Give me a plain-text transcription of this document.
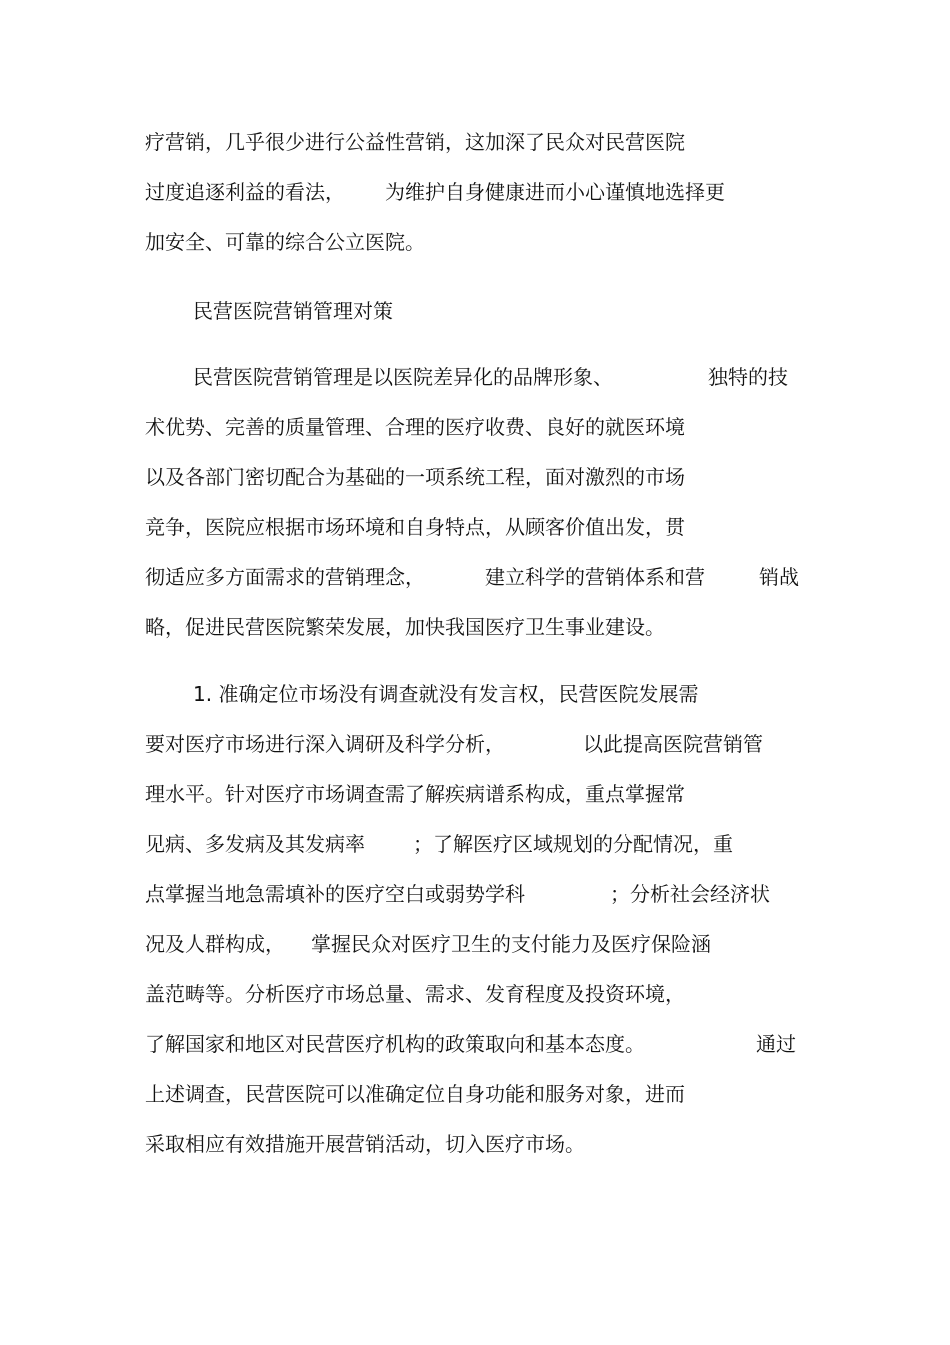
疗营销，几乎很少进行公益性营销，这加深了民众对民营医院
过度追逐利益的看法， 为维护自身健康进而小心谨慎地选择更
加安全、可靠的综合公立医院。
民营医院营销管理对策
民营医院营销管理是以医院差异化的品牌形象、	独特的技
术优势、完善的质量管理、合理的医疗收费、良好的就医环境
以及各部门密切配合为基础的一项系统工程，面对激烈的市场
竞争，医院应根据市场环境和自身特点，从顾客价值出发，贯
彻适应多方面需求的营销理念，	建立科学的营销体系和营	销战
略，促进民营医院繁荣发展，加快我国医疗卫生事业建设。
1. 准确定位市场没有调查就没有发言权，民营医院发展需
要对医疗市场进行深入调研及科学分析，	以此提高医院营销管
理水平。针对医疗市场调查需了解疾病谱系构成，重点掌握常
见病、多发病及其发病率 ；了解医疗区域规划的分配情况，重
点掌握当地急需填补的医疗空白或弱势学科	；分析社会经济状
况及人群构成， 掌握民众对医疗卫生的支付能力及医疗保险涵
盖范畴等。分析医疗市场总量、需求、发育程度及投资环境，
了解国家和地区对民营医疗机构的政策取向和基本态度。	通过
上述调查，民营医院可以准确定位自身功能和服务对象，进而
采取相应有效措施开展营销活动，切入医疗市场。
